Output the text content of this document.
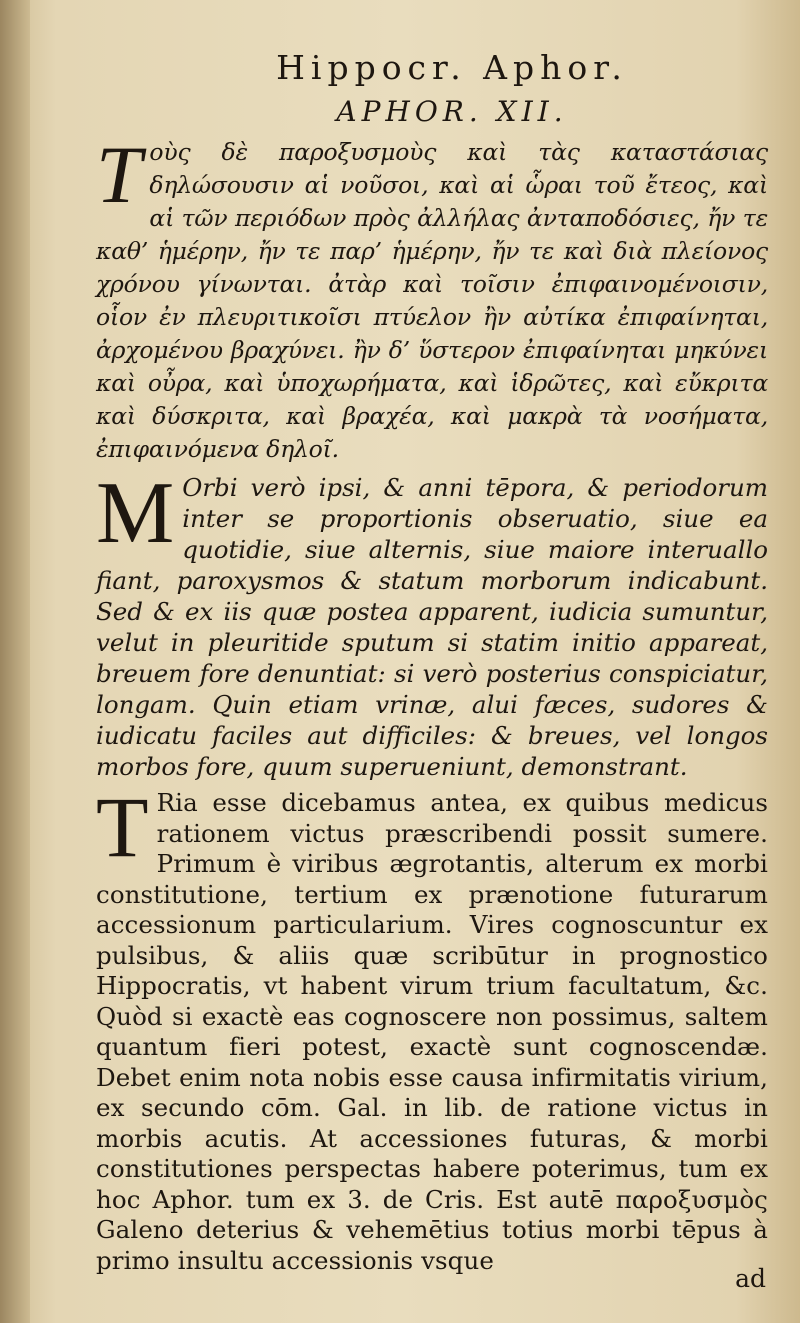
Hippocr. Aphor.
APHOR. XII.
T οὺς δὲ παροξυσμοὺς καὶ τὰς καταστάσιας δηλώσουσιν αἱ νοῦσοι, καὶ αἱ ὧραι τοῦ ἔτεος, καὶ αἱ τῶν περιόδων πρὸς ἀλλήλας ἀνταποδόσιες, ἤν τε καθ’ ἡμέρην, ἤν τε παρ’ ἡμέρην, ἤν τε καὶ διὰ πλείονος χρόνου γίνωνται. ἀτὰρ καὶ τοῖσιν ἐπιφαινομένοισιν, οἷον ἐν πλευριτικοῖσι πτύελον ἢν αὐτίκα ἐπιφαίνηται, ἀρχομένου βραχύνει. ἢν δ’ ὕστερον ἐπιφαίνηται μηκύνει καὶ οὖρα, καὶ ὑποχωρήματα, καὶ ἱδρῶτες, καὶ εὔκριτα καὶ δύσκριτα, καὶ βραχέα, καὶ μακρὰ τὰ νοσήματα, ἐπιφαινόμενα δηλοῖ.

M Orbi verò ipsi, & anni tēpora, & periodorum inter se proportionis obseruatio, siue ea quotidie, siue alternis, siue maiore interuallo fiant, paroxysmos & statum morborum indicabunt. Sed & ex iis quæ postea apparent, iudicia sumuntur, velut in pleuritide sputum si statim initio appareat, breuem fore denuntiat: si verò posterius conspiciatur, longam. Quin etiam vrinæ, alui fæces, sudores & iudicatu faciles aut difficiles: & breues, vel longos morbos fore, quum superueniunt, demonstrant.

T Ria esse dicebamus antea, ex quibus medicus rationem victus præscribendi possit sumere. Primum è viribus ægrotantis, alterum ex morbi constitutione, tertium ex prænotione futurarum accessionum particularium. Vires cognoscuntur ex pulsibus, & aliis quæ scribūtur in prognostico Hippocratis, vt habent virum trium facultatum, &c. Quòd si exactè eas cognoscere non possimus, saltem quantum fieri potest, exactè sunt cognoscendæ. Debet enim nota nobis esse causa infirmitatis virium, ex secundo cōm. Gal. in lib. de ratione victus in morbis acutis. At accessiones futuras, & morbi constitutiones perspectas habere poterimus, tum ex hoc Aphor. tum ex 3. de Cris. Est autē παροξυσμὸς Galeno deterius & vehemētius totius morbi tēpus à primo insultu accessionis vsque

ad
